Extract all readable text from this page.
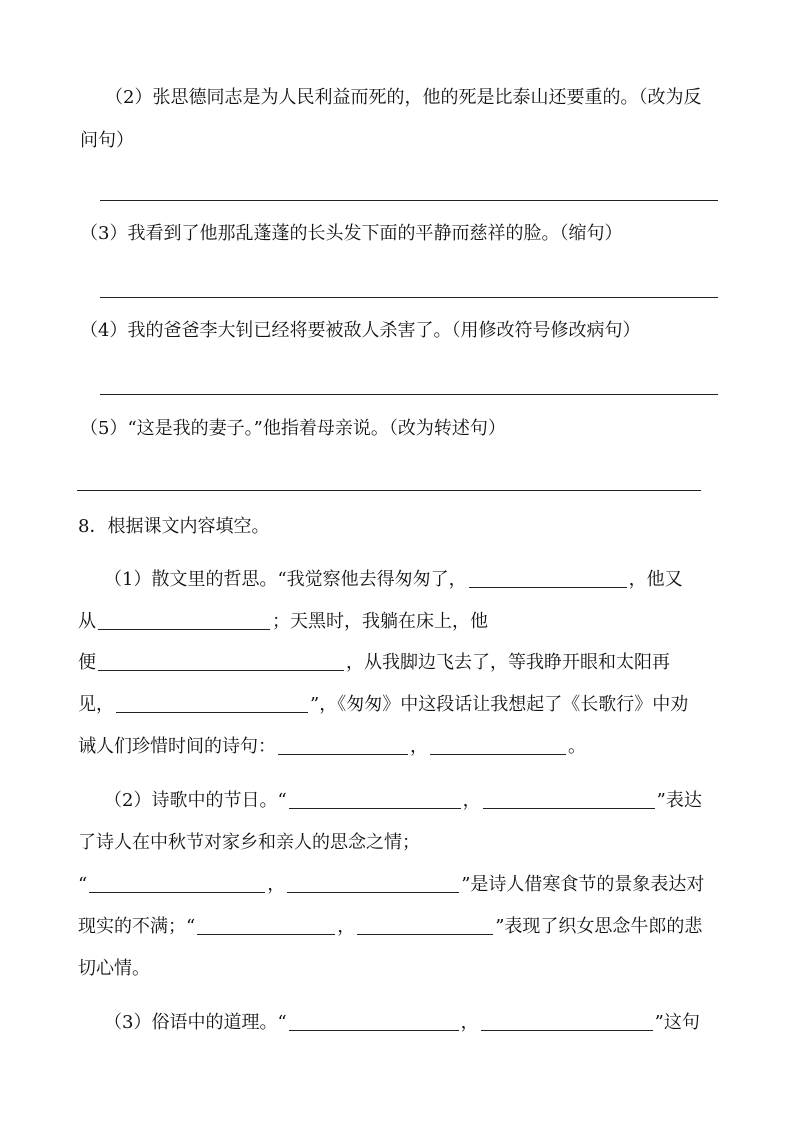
（2）张思德同志是为人民利益而死的，他的死是比泰山还要重的。（改为反
问句）
（3）我看到了他那乱蓬蓬的长头发下面的平静而慈祥的脸。（缩句）
（4）我的爸爸李大钊已经将要被敌人杀害了。（用修改符号修改病句）
（5）“这是我的妻子。”他指着母亲说。（改为转述句）
8．根据课文内容填空。
（1）散文里的哲思。“我觉察他去得匆匆了，	，他又
从	；天黑时，我躺在床上，他
便	，从我脚边飞去了，等我睁开眼和太阳再
见，	”，《匆匆》中这段话让我想起了《长歌行》中劝
诫人们珍惜时间的诗句：	，	。
（2）诗歌中的节日。“	，	”表达
了诗人在中秋节对家乡和亲人的思念之情；
“	，	”是诗人借寒食节的景象表达对
现实的不满；“	，	”表现了织女思念牛郎的悲
切心情。
（3）俗语中的道理。“	，	”这句
